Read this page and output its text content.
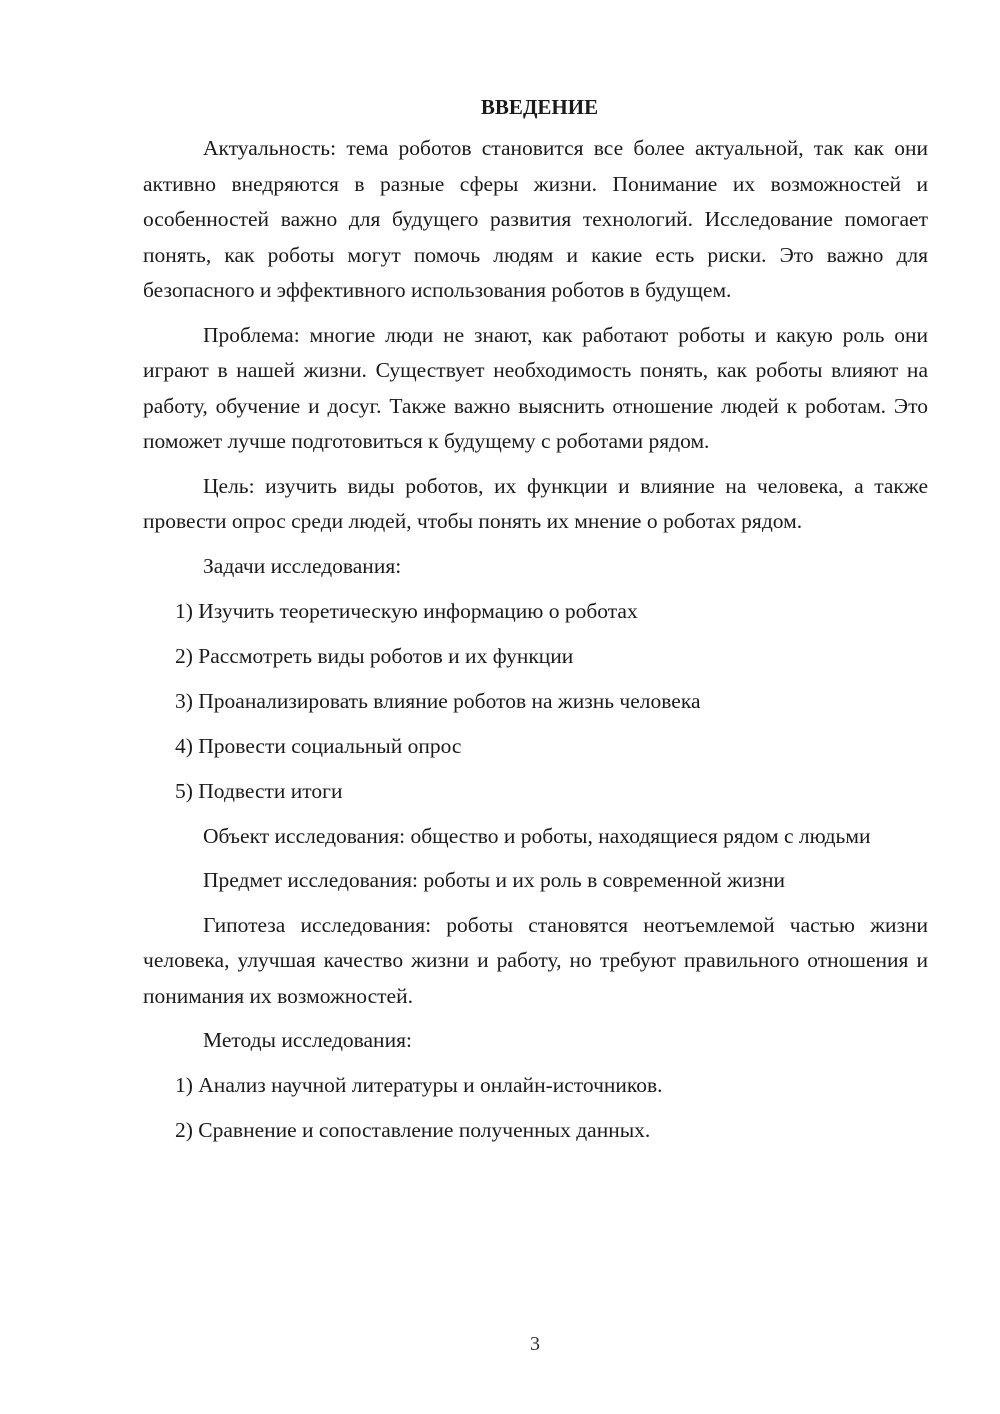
ВВЕДЕНИЕ
Актуальность: тема роботов становится все более актуальной, так как они активно внедряются в разные сферы жизни. Понимание их возможностей и особенностей важно для будущего развития технологий. Исследование помогает понять, как роботы могут помочь людям и какие есть риски. Это важно для безопасного и эффективного использования роботов в будущем.
Проблема: многие люди не знают, как работают роботы и какую роль они играют в нашей жизни. Существует необходимость понять, как роботы влияют на работу, обучение и досуг. Также важно выяснить отношение людей к роботам. Это поможет лучше подготовиться к будущему с роботами рядом.
Цель: изучить виды роботов, их функции и влияние на человека, а также провести опрос среди людей, чтобы понять их мнение о роботах рядом.
Задачи исследования:
1) Изучить теоретическую информацию о роботах
2) Рассмотреть виды роботов и их функции
3) Проанализировать влияние роботов на жизнь человека
4) Провести социальный опрос
5) Подвести итоги
Объект исследования: общество и роботы, находящиеся рядом с людьми
Предмет исследования: роботы и их роль в современной жизни
Гипотеза исследования: роботы становятся неотъемлемой частью жизни человека, улучшая качество жизни и работу, но требуют правильного отношения и понимания их возможностей.
Методы исследования:
1) Анализ научной литературы и онлайн-источников.
2) Сравнение и сопоставление полученных данных.
3
